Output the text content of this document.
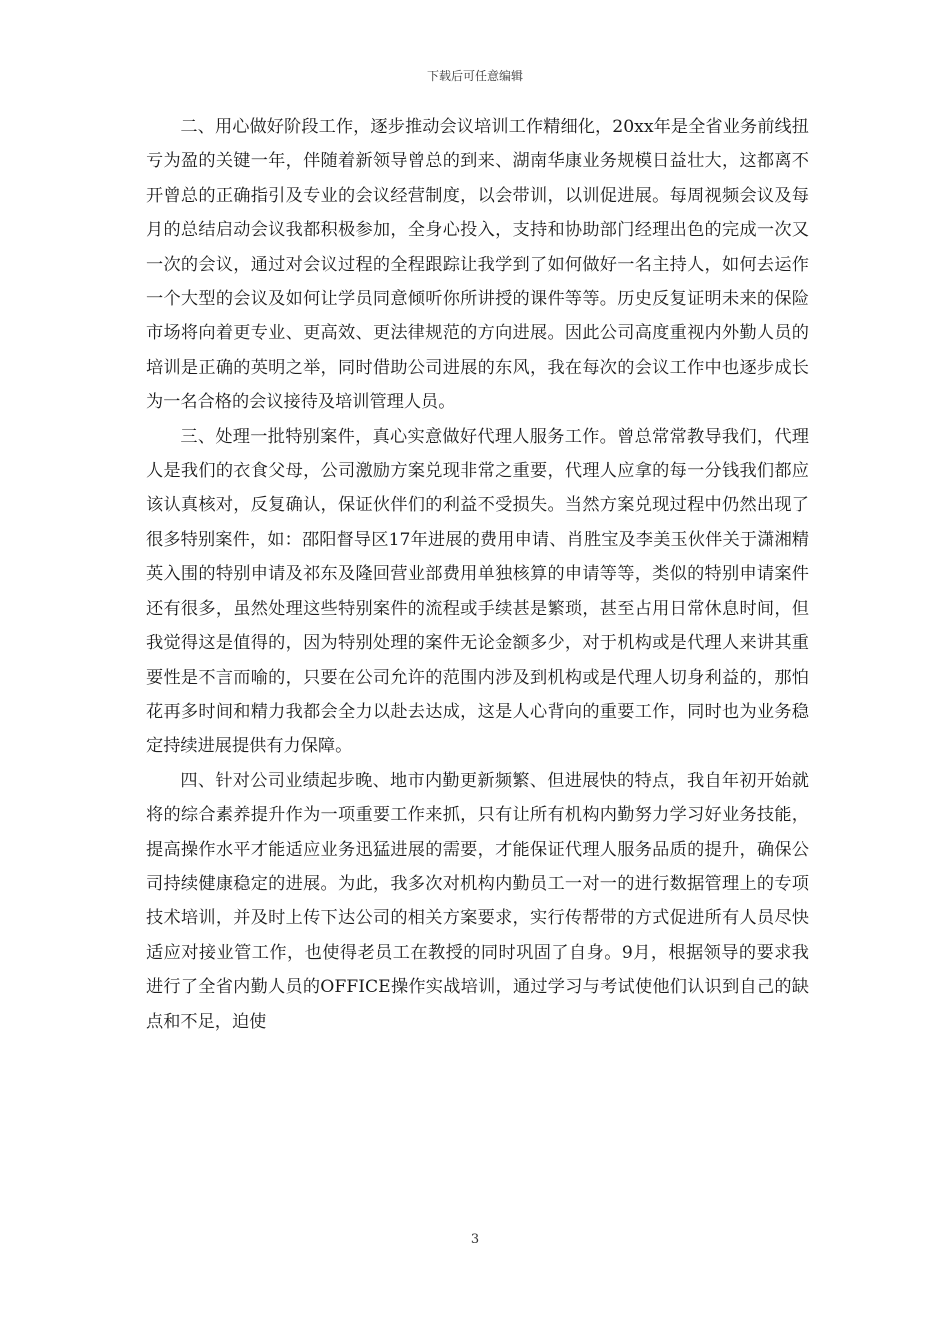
下载后可任意编辑

二、用心做好阶段工作，逐步推动会议培训工作精细化，20xx年是全省业务前线扭亏为盈的关键一年，伴随着新领导曾总的到来、湖南华康业务规模日益壮大，这都离不开曾总的正确指引及专业的会议经营制度，以会带训，以训促进展。每周视频会议及每月的总结启动会议我都积极参加，全身心投入，支持和协助部门经理出色的完成一次又一次的会议，通过对会议过程的全程跟踪让我学到了如何做好一名主持人，如何去运作一个大型的会议及如何让学员同意倾听你所讲授的课件等等。历史反复证明未来的保险市场将向着更专业、更高效、更法律规范的方向进展。因此公司高度重视内外勤人员的培训是正确的英明之举，同时借助公司进展的东风，我在每次的会议工作中也逐步成长为一名合格的会议接待及培训管理人员。

三、处理一批特别案件，真心实意做好代理人服务工作。曾总常常教导我们，代理人是我们的衣食父母，公司激励方案兑现非常之重要，代理人应拿的每一分钱我们都应该认真核对，反复确认，保证伙伴们的利益不受损失。当然方案兑现过程中仍然出现了很多特别案件，如：邵阳督导区17年进展的费用申请、肖胜宝及李美玉伙伴关于潇湘精英入围的特别申请及祁东及隆回营业部费用单独核算的申请等等，类似的特别申请案件还有很多，虽然处理这些特别案件的流程或手续甚是繁琐，甚至占用日常休息时间，但我觉得这是值得的，因为特别处理的案件无论金额多少，对于机构或是代理人来讲其重要性是不言而喻的，只要在公司允许的范围内涉及到机构或是代理人切身利益的，那怕花再多时间和精力我都会全力以赴去达成，这是人心背向的重要工作，同时也为业务稳定持续进展提供有力保障。

四、针对公司业绩起步晚、地市内勤更新频繁、但进展快的特点，我自年初开始就将的综合素养提升作为一项重要工作来抓，只有让所有机构内勤努力学习好业务技能，提高操作水平才能适应业务迅猛进展的需要，才能保证代理人服务品质的提升，确保公司持续健康稳定的进展。为此，我多次对机构内勤员工一对一的进行数据管理上的专项技术培训，并及时上传下达公司的相关方案要求，实行传帮带的方式促进所有人员尽快适应对接业管工作，也使得老员工在教授的同时巩固了自身。9月，根据领导的要求我进行了全省内勤人员的OFFICE操作实战培训，通过学习与考试使他们认识到自己的缺点和不足，迫使

3
